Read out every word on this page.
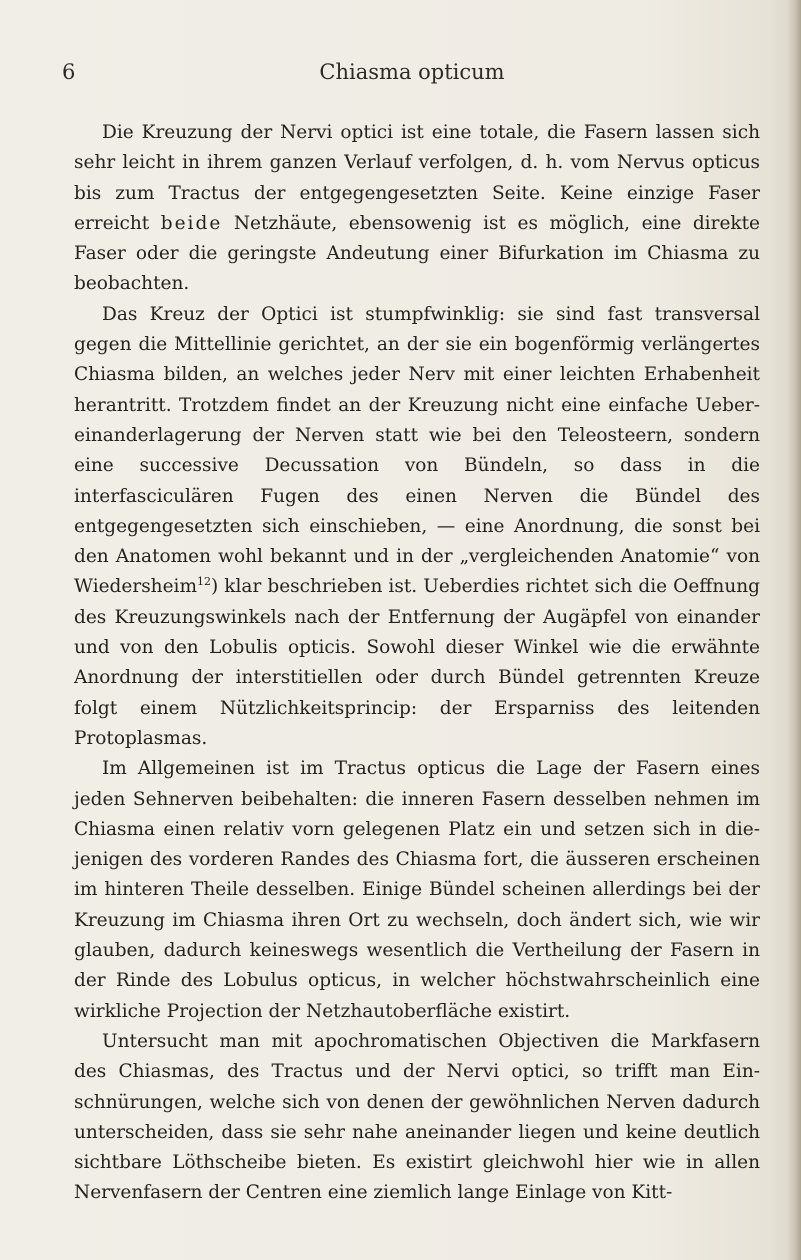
6	Chiasma opticum

Die Kreuzung der Nervi optici ist eine totale, die Fasern lassen sich sehr leicht in ihrem ganzen Verlauf verfolgen, d. h. vom Nervus opticus bis zum Tractus der entgegengesetzten Seite. Keine einzige Faser erreicht beide Netzhäute, ebensowenig ist es möglich, eine direkte Faser oder die geringste Andeutung einer Bifurkation im Chiasma zu beobachten.

Das Kreuz der Optici ist stumpfwinklig: sie sind fast transversal gegen die Mittellinie gerichtet, an der sie ein bogenförmig verlängertes Chiasma bilden, an welches jeder Nerv mit einer leichten Erhabenheit herantritt. Trotzdem findet an der Kreuzung nicht eine einfache Uebereinanderlagerung der Nerven statt wie bei den Teleosteern, sondern eine successive Decussation von Bündeln, so dass in die interfasciculären Fugen des einen Nerven die Bündel des entgegengesetzten sich einschieben, — eine Anordnung, die sonst bei den Anatomen wohl bekannt und in der „vergleichenden Anatomie“ von Wiedersheim$^{12}$) klar beschrieben ist. Ueberdies richtet sich die Oeffnung des Kreuzungswinkels nach der Entfernung der Augäpfel von einander und von den Lobulis opticis. Sowohl dieser Winkel wie die erwähnte Anordnung der interstitiellen oder durch Bündel getrennten Kreuze folgt einem Nützlichkeitsprincip: der Ersparniss des leitenden Protoplasmas.

Im Allgemeinen ist im Tractus opticus die Lage der Fasern eines jeden Sehnerven beibehalten: die inneren Fasern desselben nehmen im Chiasma einen relativ vorn gelegenen Platz ein und setzen sich in diejenigen des vorderen Randes des Chiasma fort, die äusseren erscheinen im hinteren Theile desselben. Einige Bündel scheinen allerdings bei der Kreuzung im Chiasma ihren Ort zu wechseln, doch ändert sich, wie wir glauben, dadurch keineswegs wesentlich die Vertheilung der Fasern in der Rinde des Lobulus opticus, in welcher höchstwahrscheinlich eine wirkliche Projection der Netzhautoberfläche existirt.

Untersucht man mit apochromatischen Objectiven die Markfasern des Chiasmas, des Tractus und der Nervi optici, so trifft man Einschnürungen, welche sich von denen der gewöhnlichen Nerven dadurch unterscheiden, dass sie sehr nahe aneinander liegen und keine deutlich sichtbare Löthscheibe bieten. Es existirt gleichwohl hier wie in allen Nervenfasern der Centren eine ziemlich lange Einlage von Kitt-
